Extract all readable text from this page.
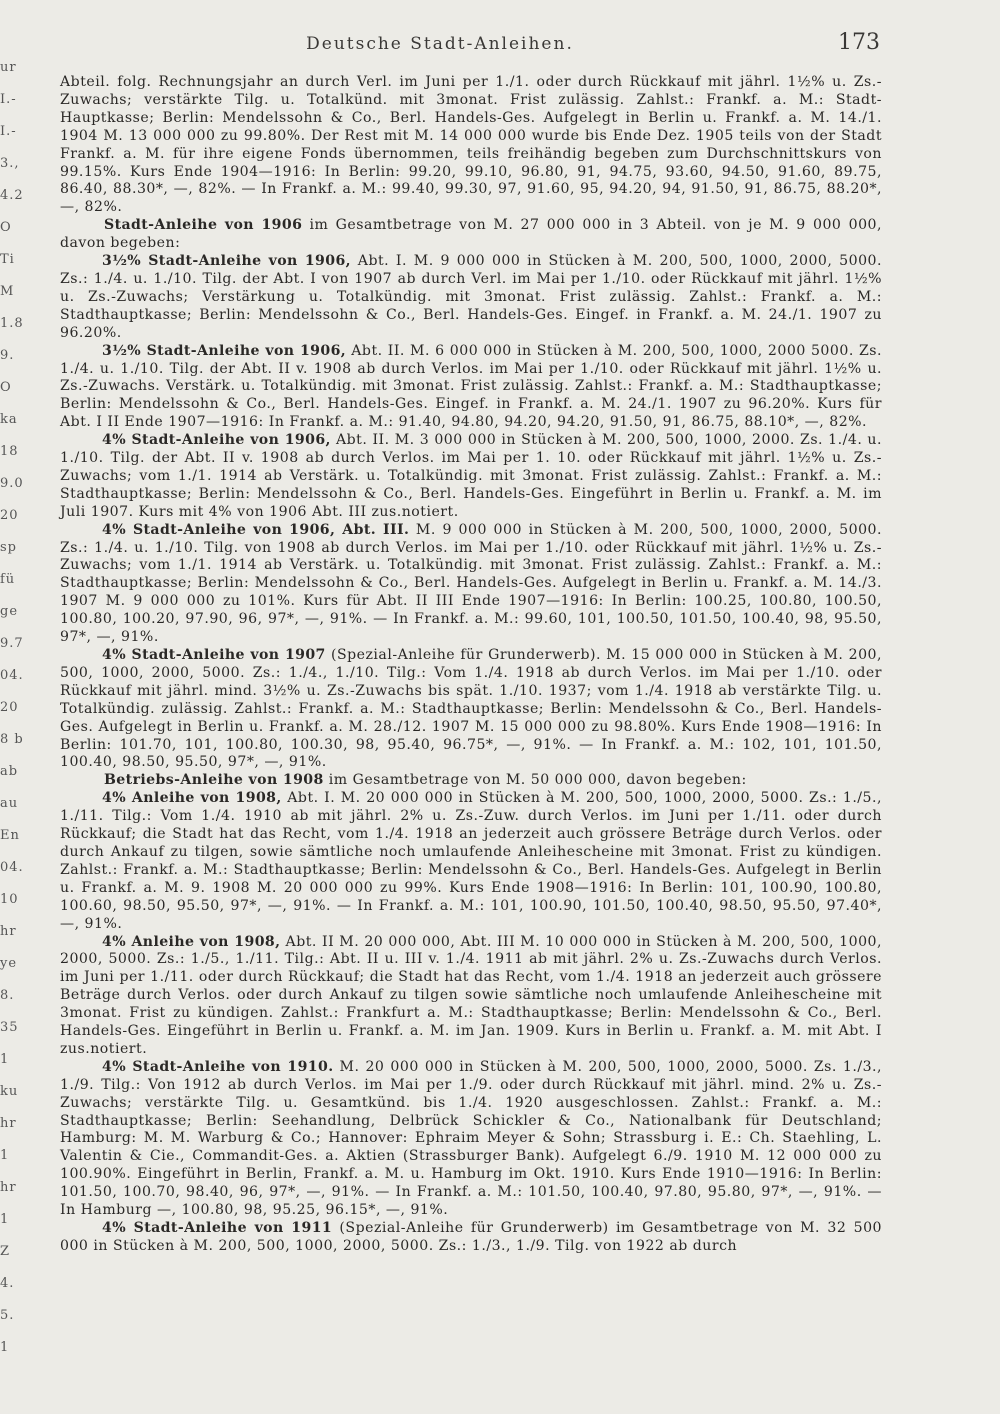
ur
I.-
I.-
3.,
4.2
O
Ti
M
1.8
9.
O
ka
18
9.0
20
sp
fü
ge
9.7
04.
20
8 b
ab
au
En
04.
10
hr
ye
8.
35
1
ku
hr
1
hr
1
Z
4.
5.
1
Deutsche Stadt-Anleihen.	173

Abteil. folg. Rechnungsjahr an durch Verl. im Juni per 1./1. oder durch Rückkauf mit jährl. 1½% u. Zs.-Zuwachs; verstärkte Tilg. u. Totalkünd. mit 3monat. Frist zulässig. Zahlst.: Frankf. a. M.: Stadt-Hauptkasse; Berlin: Mendelssohn & Co., Berl. Handels-Ges. Aufgelegt in Berlin u. Frankf. a. M. 14./1. 1904 M. 13 000 000 zu 99.80%. Der Rest mit M. 14 000 000 wurde bis Ende Dez. 1905 teils von der Stadt Frankf. a. M. für ihre eigene Fonds übernommen, teils freihändig begeben zum Durchschnittskurs von 99.15%. Kurs Ende 1904—1916: In Berlin: 99.20, 99.10, 96.80, 91, 94.75, 93.60, 94.50, 91.60, 89.75, 86.40, 88.30*, —, 82%. — In Frankf. a. M.: 99.40, 99.30, 97, 91.60, 95, 94.20, 94, 91.50, 91, 86.75, 88.20*, —, 82%.

Stadt-Anleihe von 1906 im Gesamtbetrage von M. 27 000 000 in 3 Abteil. von je M. 9 000 000, davon begeben:

3½% Stadt-Anleihe von 1906, Abt. I. M. 9 000 000 in Stücken à M. 200, 500, 1000, 2000, 5000. Zs.: 1./4. u. 1./10. Tilg. der Abt. I von 1907 ab durch Verl. im Mai per 1./10. oder Rückkauf mit jährl. 1½% u. Zs.-Zuwachs; Verstärkung u. Totalkündig. mit 3monat. Frist zulässig. Zahlst.: Frankf. a. M.: Stadthauptkasse; Berlin: Mendelssohn & Co., Berl. Handels-Ges. Eingef. in Frankf. a. M. 24./1. 1907 zu 96.20%.

3½% Stadt-Anleihe von 1906, Abt. II. M. 6 000 000 in Stücken à M. 200, 500, 1000, 2000 5000. Zs. 1./4. u. 1./10. Tilg. der Abt. II v. 1908 ab durch Verlos. im Mai per 1./10. oder Rückkauf mit jährl. 1½% u. Zs.-Zuwachs. Verstärk. u. Totalkündig. mit 3monat. Frist zulässig. Zahlst.: Frankf. a. M.: Stadthauptkasse; Berlin: Mendelssohn & Co., Berl. Handels-Ges. Eingef. in Frankf. a. M. 24./1. 1907 zu 96.20%. Kurs für Abt. I II Ende 1907—1916: In Frankf. a. M.: 91.40, 94.80, 94.20, 94.20, 91.50, 91, 86.75, 88.10*, —, 82%.

4% Stadt-Anleihe von 1906, Abt. II. M. 3 000 000 in Stücken à M. 200, 500, 1000, 2000. Zs. 1./4. u. 1./10. Tilg. der Abt. II v. 1908 ab durch Verlos. im Mai per 1. 10. oder Rückkauf mit jährl. 1½% u. Zs.-Zuwachs; vom 1./1. 1914 ab Verstärk. u. Totalkündig. mit 3monat. Frist zulässig. Zahlst.: Frankf. a. M.: Stadthauptkasse; Berlin: Mendelssohn & Co., Berl. Handels-Ges. Eingeführt in Berlin u. Frankf. a. M. im Juli 1907. Kurs mit 4% von 1906 Abt. III zus.notiert.

4% Stadt-Anleihe von 1906, Abt. III. M. 9 000 000 in Stücken à M. 200, 500, 1000, 2000, 5000. Zs.: 1./4. u. 1./10. Tilg. von 1908 ab durch Verlos. im Mai per 1./10. oder Rückkauf mit jährl. 1½% u. Zs.-Zuwachs; vom 1./1. 1914 ab Verstärk. u. Totalkündig. mit 3monat. Frist zulässig. Zahlst.: Frankf. a. M.: Stadthauptkasse; Berlin: Mendelssohn & Co., Berl. Handels-Ges. Aufgelegt in Berlin u. Frankf. a. M. 14./3. 1907 M. 9 000 000 zu 101%. Kurs für Abt. II III Ende 1907—1916: In Berlin: 100.25, 100.80, 100.50, 100.80, 100.20, 97.90, 96, 97*, —, 91%. — In Frankf. a. M.: 99.60, 101, 100.50, 101.50, 100.40, 98, 95.50, 97*, —, 91%.

4% Stadt-Anleihe von 1907 (Spezial-Anleihe für Grunderwerb). M. 15 000 000 in Stücken à M. 200, 500, 1000, 2000, 5000. Zs.: 1./4., 1./10. Tilg.: Vom 1./4. 1918 ab durch Verlos. im Mai per 1./10. oder Rückkauf mit jährl. mind. 3½% u. Zs.-Zuwachs bis spät. 1./10. 1937; vom 1./4. 1918 ab verstärkte Tilg. u. Totalkündig. zulässig. Zahlst.: Frankf. a. M.: Stadthauptkasse; Berlin: Mendelssohn & Co., Berl. Handels-Ges. Aufgelegt in Berlin u. Frankf. a. M. 28./12. 1907 M. 15 000 000 zu 98.80%. Kurs Ende 1908—1916: In Berlin: 101.70, 101, 100.80, 100.30, 98, 95.40, 96.75*, —, 91%. — In Frankf. a. M.: 102, 101, 101.50, 100.40, 98.50, 95.50, 97*, —, 91%.

Betriebs-Anleihe von 1908 im Gesamtbetrage von M. 50 000 000, davon begeben:

4% Anleihe von 1908, Abt. I. M. 20 000 000 in Stücken à M. 200, 500, 1000, 2000, 5000. Zs.: 1./5., 1./11. Tilg.: Vom 1./4. 1910 ab mit jährl. 2% u. Zs.-Zuw. durch Verlos. im Juni per 1./11. oder durch Rückkauf; die Stadt hat das Recht, vom 1./4. 1918 an jederzeit auch grössere Beträge durch Verlos. oder durch Ankauf zu tilgen, sowie sämtliche noch umlaufende Anleihescheine mit 3monat. Frist zu kündigen. Zahlst.: Frankf. a. M.: Stadthauptkasse; Berlin: Mendelssohn & Co., Berl. Handels-Ges. Aufgelegt in Berlin u. Frankf. a. M. 9. 1908 M. 20 000 000 zu 99%. Kurs Ende 1908—1916: In Berlin: 101, 100.90, 100.80, 100.60, 98.50, 95.50, 97*, —, 91%. — In Frankf. a. M.: 101, 100.90, 101.50, 100.40, 98.50, 95.50, 97.40*, —, 91%.

4% Anleihe von 1908, Abt. II M. 20 000 000, Abt. III M. 10 000 000 in Stücken à M. 200, 500, 1000, 2000, 5000. Zs.: 1./5., 1./11. Tilg.: Abt. II u. III v. 1./4. 1911 ab mit jährl. 2% u. Zs.-Zuwachs durch Verlos. im Juni per 1./11. oder durch Rückkauf; die Stadt hat das Recht, vom 1./4. 1918 an jederzeit auch grössere Beträge durch Verlos. oder durch Ankauf zu tilgen sowie sämtliche noch umlaufende Anleihescheine mit 3monat. Frist zu kündigen. Zahlst.: Frankfurt a. M.: Stadthauptkasse; Berlin: Mendelssohn & Co., Berl. Handels-Ges. Eingeführt in Berlin u. Frankf. a. M. im Jan. 1909. Kurs in Berlin u. Frankf. a. M. mit Abt. I zus.notiert.

4% Stadt-Anleihe von 1910. M. 20 000 000 in Stücken à M. 200, 500, 1000, 2000, 5000. Zs. 1./3., 1./9. Tilg.: Von 1912 ab durch Verlos. im Mai per 1./9. oder durch Rückkauf mit jährl. mind. 2% u. Zs.-Zuwachs; verstärkte Tilg. u. Gesamtkünd. bis 1./4. 1920 ausgeschlossen. Zahlst.: Frankf. a. M.: Stadthauptkasse; Berlin: Seehandlung, Delbrück Schickler & Co., Nationalbank für Deutschland; Hamburg: M. M. Warburg & Co.; Hannover: Ephraim Meyer & Sohn; Strassburg i. E.: Ch. Staehling, L. Valentin & Cie., Commandit-Ges. a. Aktien (Strassburger Bank). Aufgelegt 6./9. 1910 M. 12 000 000 zu 100.90%. Eingeführt in Berlin, Frankf. a. M. u. Hamburg im Okt. 1910. Kurs Ende 1910—1916: In Berlin: 101.50, 100.70, 98.40, 96, 97*, —, 91%. — In Frankf. a. M.: 101.50, 100.40, 97.80, 95.80, 97*, —, 91%. — In Hamburg —, 100.80, 98, 95.25, 96.15*, —, 91%.

4% Stadt-Anleihe von 1911 (Spezial-Anleihe für Grunderwerb) im Gesamtbetrage von M. 32 500 000 in Stücken à M. 200, 500, 1000, 2000, 5000. Zs.: 1./3., 1./9. Tilg. von 1922 ab durch
